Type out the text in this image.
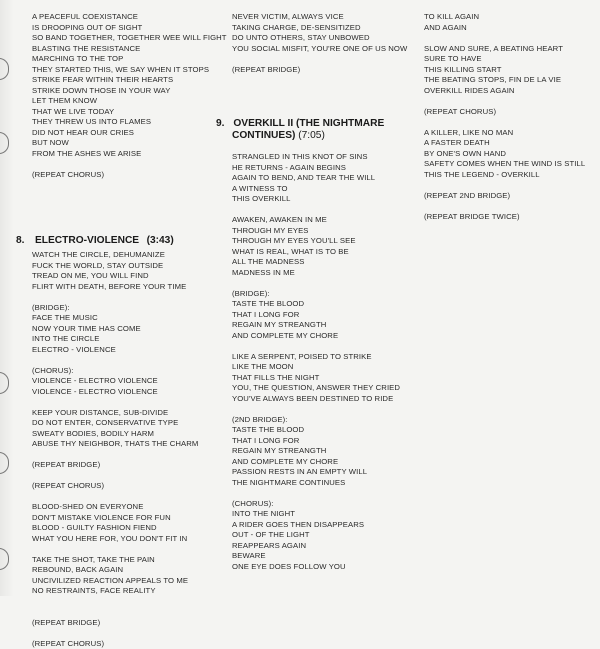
A PEACEFUL COEXISTANCE
IS DROOPING OUT OF SIGHT
SO BAND TOGETHER, TOGETHER WEE WILL FIGHT
BLASTING THE RESISTANCE
MARCHING TO THE TOP
THEY STARTED THIS, WE SAY WHEN IT STOPS
STRIKE FEAR WITHIN THEIR HEARTS
STRIKE DOWN THOSE IN YOUR WAY
LET THEM KNOW
THAT WE LIVE TODAY
THEY THREW US INTO FLAMES
DID NOT HEAR OUR CRIES
BUT NOW
FROM THE ASHES WE ARISE
(REPEAT CHORUS)
8. ELECTRO-VIOLENCE (3:43)
WATCH THE CIRCLE, DEHUMANIZE
FUCK THE WORLD, STAY OUTSIDE
TREAD ON ME, YOU WILL FIND
FLIRT WITH DEATH, BEFORE YOUR TIME
(BRIDGE):
FACE THE MUSIC
NOW YOUR TIME HAS COME
INTO THE CIRCLE
ELECTRO - VIOLENCE
(CHORUS):
VIOLENCE - ELECTRO VIOLENCE
VIOLENCE - ELECTRO VIOLENCE
KEEP YOUR DISTANCE, SUB-DIVIDE
DO NOT ENTER, CONSERVATIVE TYPE
SWEATY BODIES, BODILY HARM
ABUSE THY NEIGHBOR, THATS THE CHARM
(REPEAT BRIDGE)
(REPEAT CHORUS)
BLOOD-SHED ON EVERYONE
DON'T MISTAKE VIOLENCE FOR FUN
BLOOD - GUILTY FASHION FIEND
WHAT YOU HERE FOR, YOU DON'T FIT IN
TAKE THE SHOT, TAKE THE PAIN
REBOUND, BACK AGAIN
UNCIVILIZED REACTION APPEALS TO ME
NO RESTRAINTS, FACE REALITY
(REPEAT BRIDGE)
(REPEAT CHORUS)
NEVER VICTIM, ALWAYS VICE
TAKING CHARGE, DE-SENSITIZED
DO UNTO OTHERS, STAY UNBOWED
YOU SOCIAL MISFIT, YOU'RE ONE OF US NOW
(REPEAT BRIDGE)
9. OVERKILL II (THE NIGHTMARE
CONTINUES) (7:05)
STRANGLED IN THIS KNOT OF SINS
HE RETURNS - AGAIN BEGINS
AGAIN TO BEND, AND TEAR THE WILL
A WITNESS TO
THIS OVERKILL
AWAKEN, AWAKEN IN ME
THROUGH MY EYES
THROUGH MY EYES YOU'LL SEE
WHAT IS REAL, WHAT IS TO BE
ALL THE MADNESS
MADNESS IN ME
(BRIDGE):
TASTE THE BLOOD
THAT I LONG FOR
REGAIN MY STREANGTH
AND COMPLETE MY CHORE
LIKE A SERPENT, POISED TO STRIKE
LIKE THE MOON
THAT FILLS THE NIGHT
YOU, THE QUESTION, ANSWER THEY CRIED
YOU'VE ALWAYS BEEN DESTINED TO RIDE
(2ND BRIDGE):
TASTE THE BLOOD
THAT I LONG FOR
REGAIN MY STREANGTH
AND COMPLETE MY CHORE
PASSION RESTS IN AN EMPTY WILL
THE NIGHTMARE CONTINUES
(CHORUS):
INTO THE NIGHT
A RIDER GOES THEN DISAPPEARS
OUT - OF THE LIGHT
REAPPEARS AGAIN
BEWARE
ONE EYE DOES FOLLOW YOU
TO KILL AGAIN
AND AGAIN
SLOW AND SURE, A BEATING HEART
SURE TO HAVE
THIS KILLING START
THE BEATING STOPS, FIN DE LA VIE
OVERKILL RIDES AGAIN
(REPEAT CHORUS)
A KILLER, LIKE NO MAN
A FASTER DEATH
BY ONE'S OWN HAND
SAFETY COMES WHEN THE WIND IS STILL
THIS THE LEGEND - OVERKILL
(REPEAT 2ND BRIDGE)
(REPEAT BRIDGE TWICE)
